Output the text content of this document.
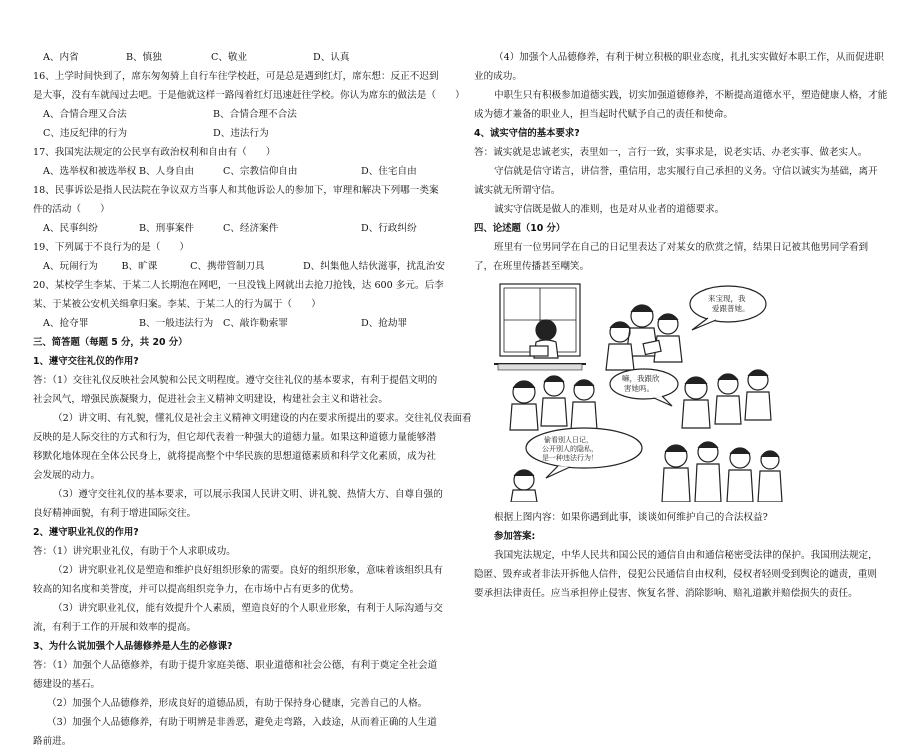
A、内省	B、慎独	C、敬业	D、认真
16、上学时间快到了，席东匆匆骑上自行车往学校赶，可是总是遇到红灯，席东想：反正不迟到
是大事，没有车就闯过去吧。于是他就这样一路闯着红灯迅速赶往学校。你认为席东的做法是（　　）
A、合情合理又合法	B、合情合理不合法
C、违反纪律的行为	D、违法行为
17、我国宪法规定的公民享有政治权利和自由有（　　）
A、选举权和被选举权 B、人身自由	C、宗教信仰自由	D、住宅自由
18、民事诉讼是指人民法院在争议双方当事人和其他诉讼人的参加下，审理和解决下列哪一类案
件的活动（　　）
A、民事纠纷	B、刑事案件	C、经济案件	D、行政纠纷
19、下列属于不良行为的是（　　）
A、玩闹行为	B、旷课	C、携带管制刀具	D、纠集他人结伙滋事，扰乱治安
20、某校学生李某、于某二人长期泡在网吧，一旦没钱上网就出去抢刀抢钱，达 600 多元。后李
某、于某被公安机关缉拿归案。李某、于某二人的行为属于（　　）
A、抢夺罪	B、一般违法行为	C、敲诈勒索罪	D、抢劫罪
三、简答题（每题 5 分，共 20 分）
1、遵守交往礼仪的作用?
答：（1）交往礼仪反映社会风貌和公民文明程度。遵守交往礼仪的基本要求，有利于提倡文明的
社会风气，增强民族凝聚力，促进社会主义精神文明建设，构建社会主义和谐社会。
（2）讲文明、有礼貌，懂礼仪是社会主义精神文明建设的内在要求所提出的要求。交往礼仪表面看
反映的是人际交往的方式和行为，但它却代表着一种强大的道德力量。如果这种道德力量能够潜
移默化地体现在全体公民身上，就将提高整个中华民族的思想道德素质和科学文化素质，成为社
会发展的动力。
（3）遵守交往礼仪的基本要求，可以展示我国人民讲文明、讲礼貌、热情大方、自尊自强的
良好精神面貌，有利于增进国际交往。
2、遵守职业礼仪的作用?
答：（1）讲究职业礼仪，有助于个人求职成功。
（2）讲究职业礼仪是塑造和维护良好组织形象的需要。良好的组织形象，意味着该组织具有
较高的知名度和美誉度，并可以提高组织竞争力，在市场中占有更多的优势。
（3）讲究职业礼仪，能有效提升个人素质，塑造良好的个人职业形象，有利于人际沟通与交
流，有利于工作的开展和效率的提高。
3、为什么说加强个人品德修养是人生的必修课?
答：（1）加强个人品德修养，有助于提升家庭美德、职业道德和社会公德，有利于奠定全社会道
德建设的基石。
（2）加强个人品德修养，形成良好的道德品质，有助于保持身心健康，完善自己的人格。
（3）加强个人品德修养，有助于明辨是非善恶，避免走弯路，入歧途，从而着正确的人生道
路前进。
（4）加强个人品德修养，有利于树立积极的职业态度，扎扎实实做好本职工作，从而促进职
业的成功。
中职生只有积极参加道德实践，切实加强道德修养，不断提高道德水平，塑造健康人格，才能
成为德才兼备的职业人，担当起时代赋予自己的责任和使命。
4、诚实守信的基本要求?
答：诚实就是忠诚老实，表里如一，言行一致，实事求是，说老实话、办老实事、做老实人。
守信就是信守诺言，讲信誉，重信用，忠实履行自己承担的义务。守信以诚实为基础，离开
诚实就无所谓守信。
诚实守信既是做人的准则，也是对从业者的道德要求。
四、论述题（10 分）
班里有一位男同学在自己的日记里表达了对某女的欣赏之情，结果日记被其他男同学看到
了，在班里传播甚至嘲笑。
来宝现，我
爱跟普她。
嘛，我跟欣
害她吗。
偷看别人日记，
公开别人的隐私，
是一种违法行为！
根据上图内容：如果你遇到此事，谈谈如何维护自己的合法权益?
参加答案:
我国宪法规定，中华人民共和国公民的通信自由和通信秘密受法律的保护。我国刑法规定，
隐匿、毁弃或者非法开拆他人信件，侵犯公民通信自由权利，侵权者轻则受到舆论的谴责，重则
要承担法律责任。应当承担停止侵害、恢复名誉、消除影响、赔礼道歉并赔偿损失的责任。
